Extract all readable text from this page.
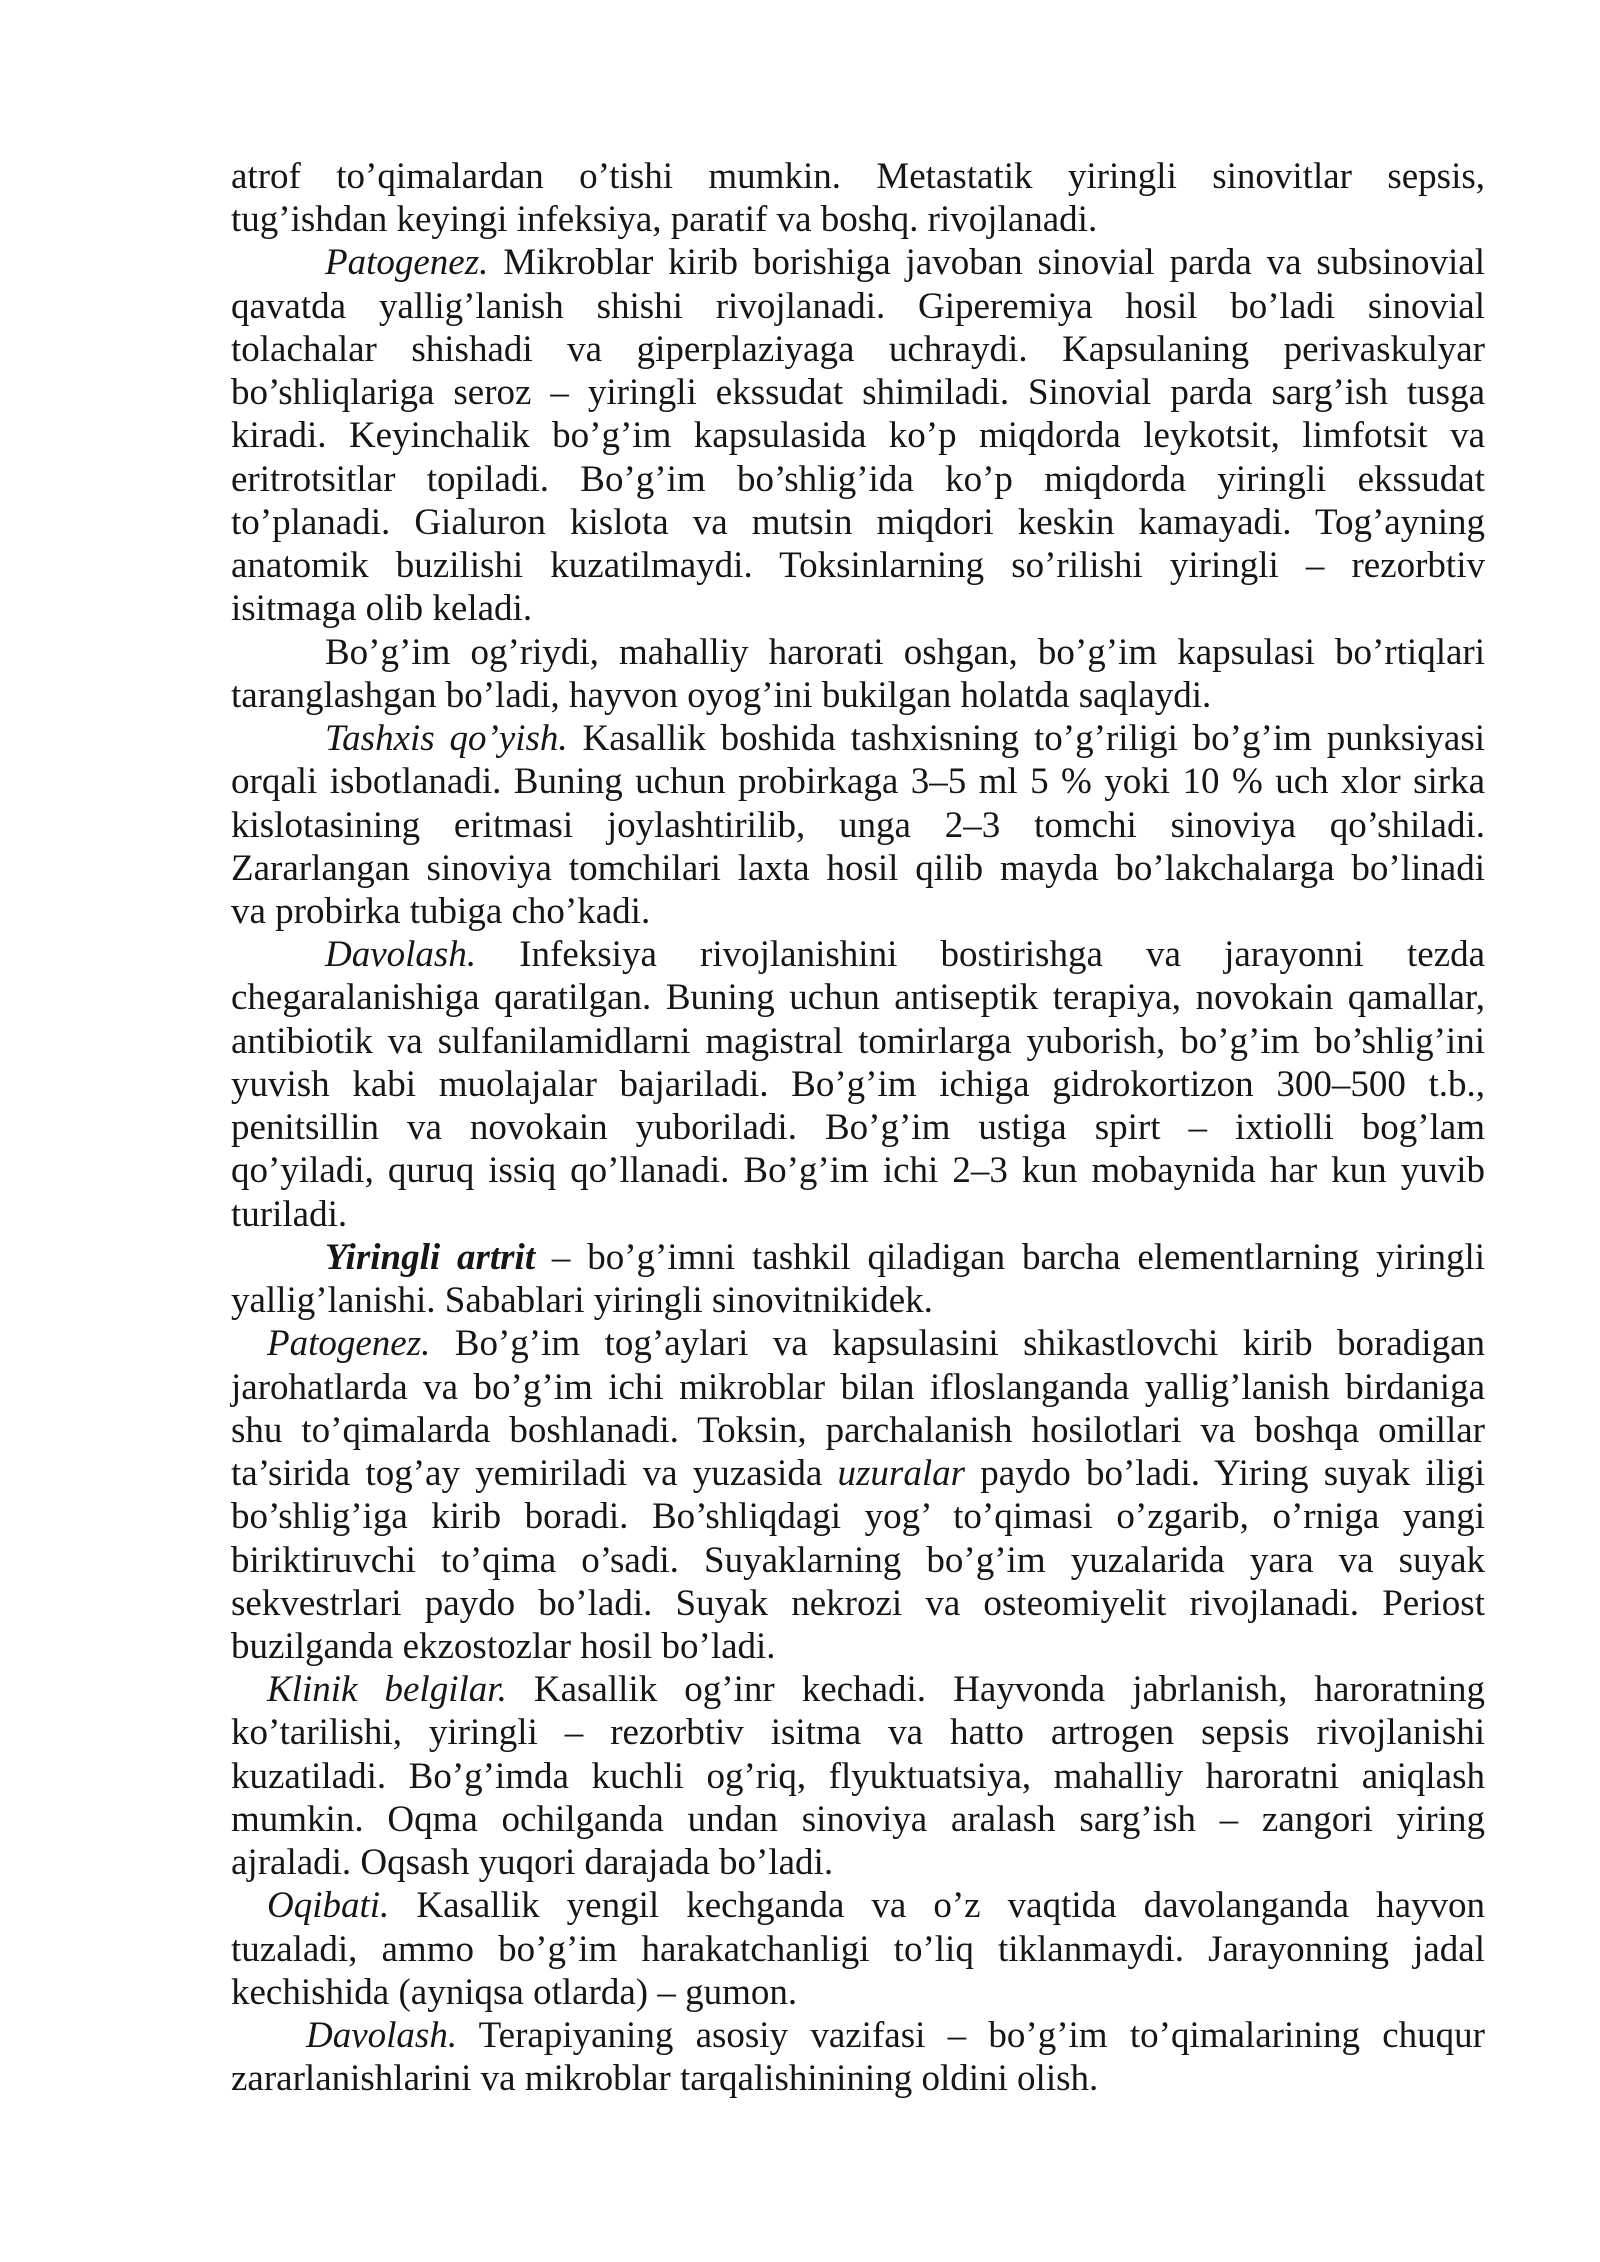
atrof to’qimalardan o’tishi mumkin. Metastatik yiringli sinovitlar sepsis,
tug’ishdan keyingi infeksiya, paratif va boshq. rivojlanadi.
Patogenez. Mikroblar kirib borishiga javoban sinovial parda va subsinovial
qavatda yallig’lanish shishi rivojlanadi. Giperemiya hosil bo’ladi sinovial
tolachalar shishadi va giperplaziyaga uchraydi. Kapsulaning perivaskulyar
bo’shliqlariga seroz – yiringli ekssudat shimiladi. Sinovial parda sarg’ish tusga
kiradi. Keyinchalik bo’g’im kapsulasida ko’p miqdorda leykotsit, limfotsit va
eritrotsitlar topiladi. Bo’g’im bo’shlig’ida ko’p miqdorda yiringli ekssudat
to’planadi. Gialuron kislota va mutsin miqdori keskin kamayadi. Tog’ayning
anatomik buzilishi kuzatilmaydi. Toksinlarning so’rilishi yiringli – rezorbtiv
isitmaga olib keladi.
Bo’g’im og’riydi, mahalliy harorati oshgan, bo’g’im kapsulasi bo’rtiqlari
taranglashgan bo’ladi, hayvon oyog’ini bukilgan holatda saqlaydi.
Tashxis qo’yish. Kasallik boshida tashxisning to’g’riligi bo’g’im punksiyasi
orqali isbotlanadi. Buning uchun probirkaga 3–5 ml 5 % yoki 10 % uch xlor sirka
kislotasining eritmasi joylashtirilib, unga 2–3 tomchi sinoviya qo’shiladi.
Zararlangan sinoviya tomchilari laxta hosil qilib mayda bo’lakchalarga bo’linadi
va probirka tubiga cho’kadi.
Davolash. Infeksiya rivojlanishini bostirishga va jarayonni tezda
chegaralanishiga qaratilgan. Buning uchun antiseptik terapiya, novokain qamallar,
antibiotik va sulfanilamidlarni magistral tomirlarga yuborish, bo’g’im bo’shlig’ini
yuvish kabi muolajalar bajariladi. Bo’g’im ichiga gidrokortizon 300–500 t.b.,
penitsillin va novokain yuboriladi. Bo’g’im ustiga spirt – ixtiolli bog’lam
qo’yiladi, quruq issiq qo’llanadi. Bo’g’im ichi 2–3 kun mobaynida har kun yuvib
turiladi.
Yiringli artrit – bo’g’imni tashkil qiladigan barcha elementlarning yiringli
yallig’lanishi. Sabablari yiringli sinovitnikidek.
Patogenez. Bo’g’im tog’aylari va kapsulasini shikastlovchi kirib boradigan
jarohatlarda va bo’g’im ichi mikroblar bilan ifloslanganda yallig’lanish birdaniga
shu to’qimalarda boshlanadi. Toksin, parchalanish hosilotlari va boshqa omillar
ta’sirida tog’ay yemiriladi va yuzasida uzuralar paydo bo’ladi. Yiring suyak iligi
bo’shlig’iga kirib boradi. Bo’shliqdagi yog’ to’qimasi o’zgarib, o’rniga yangi
biriktiruvchi to’qima o’sadi. Suyaklarning bo’g’im yuzalarida yara va suyak
sekvestrlari paydo bo’ladi. Suyak nekrozi va osteomiyelit rivojlanadi. Periost
buzilganda ekzostozlar hosil bo’ladi.
Klinik belgilar. Kasallik og’inr kechadi. Hayvonda jabrlanish, haroratning
ko’tarilishi, yiringli – rezorbtiv isitma va hatto artrogen sepsis rivojlanishi
kuzatiladi. Bo’g’imda kuchli og’riq, flyuktuatsiya, mahalliy haroratni aniqlash
mumkin. Oqma ochilganda undan sinoviya aralash sarg’ish – zangori yiring
ajraladi. Oqsash yuqori darajada bo’ladi.
Oqibati. Kasallik yengil kechganda va o’z vaqtida davolanganda hayvon
tuzaladi, ammo bo’g’im harakatchanligi to’liq tiklanmaydi. Jarayonning jadal
kechishida (ayniqsa otlarda) – gumon.
Davolash. Terapiyaning asosiy vazifasi – bo’g’im to’qimalarining chuqur
zararlanishlarini va mikroblar tarqalishinining oldini olish.
